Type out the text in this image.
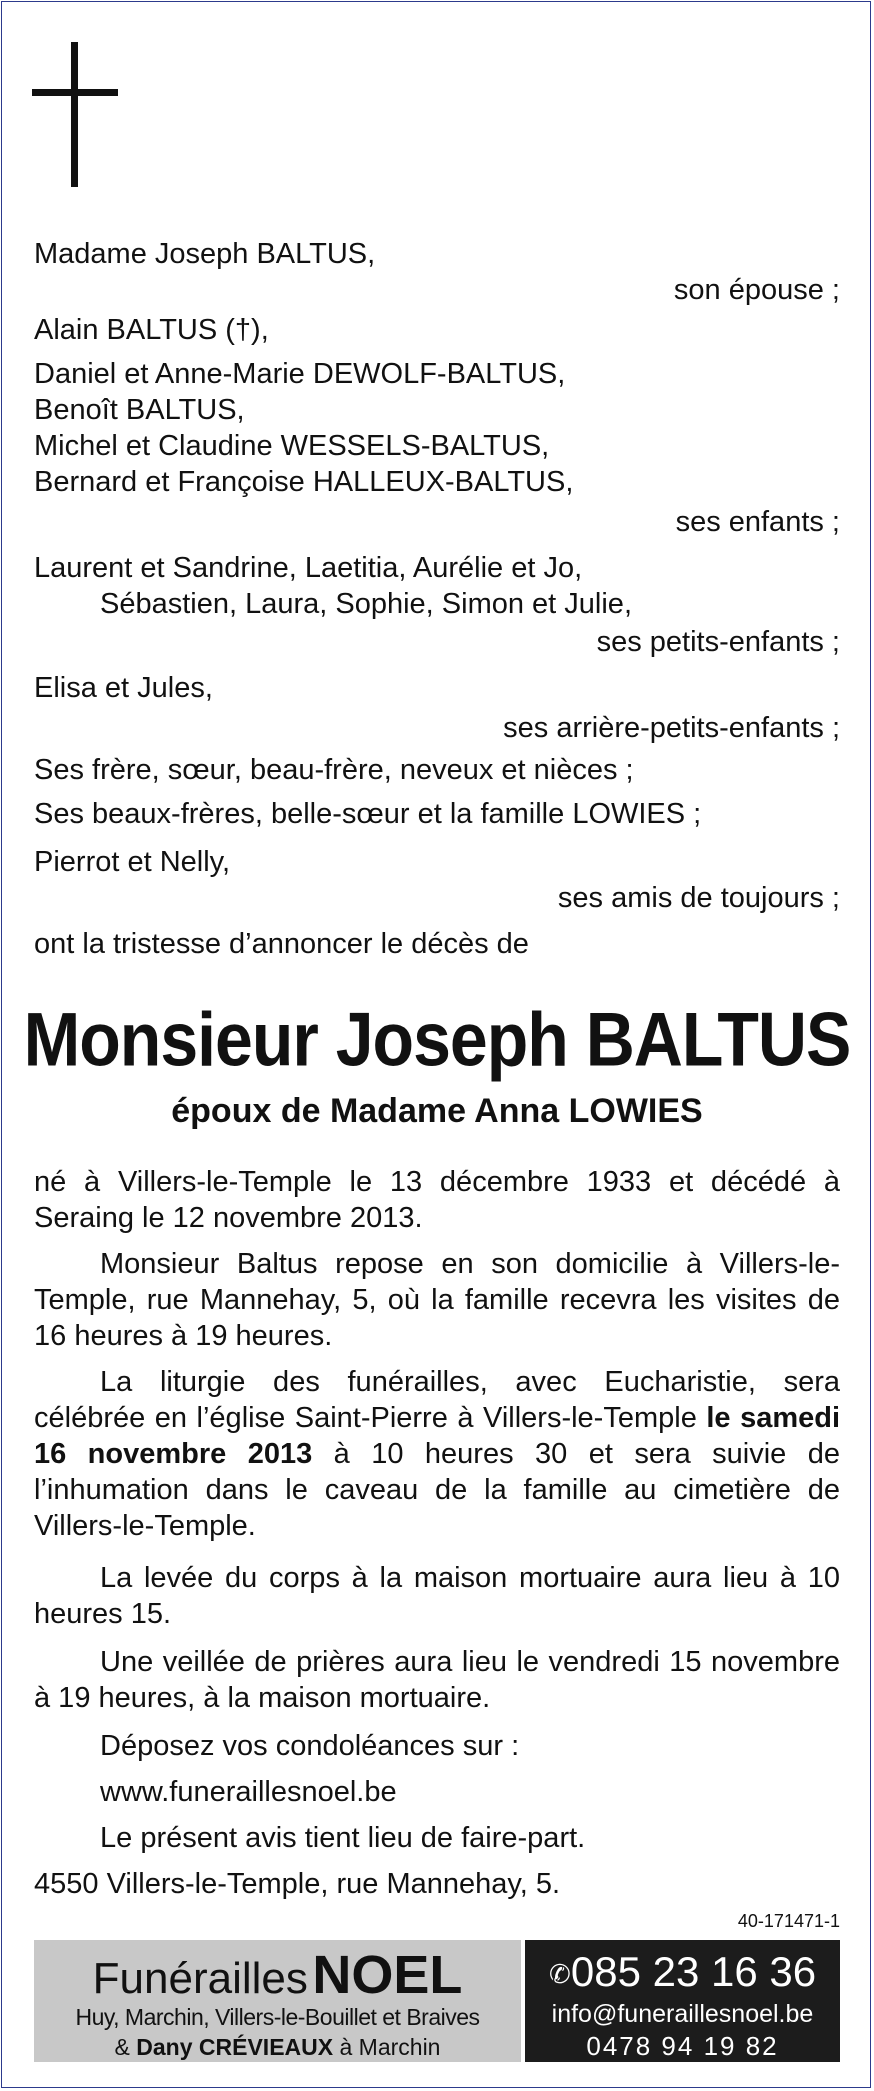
Madame Joseph BALTUS,
son épouse ;
Alain BALTUS (†),
Daniel et Anne-Marie DEWOLF-BALTUS,
Benoît BALTUS,
Michel et Claudine WESSELS-BALTUS,
Bernard et Françoise HALLEUX-BALTUS,
ses enfants ;
Laurent et Sandrine, Laetitia, Aurélie et Jo,
Sébastien, Laura, Sophie, Simon et Julie,
ses petits-enfants ;
Elisa et Jules,
ses arrière-petits-enfants ;
Ses frère, sœur, beau-frère, neveux et nièces ;
Ses beaux-frères, belle-sœur et la famille LOWIES ;
Pierrot et Nelly,
ses amis de toujours ;
ont la tristesse d’annoncer le décès de
Monsieur Joseph BALTUS
époux de Madame Anna LOWIES
né à Villers-le-Temple le 13 décembre 1933 et décédé à Seraing le 12 novembre 2013.
Monsieur Baltus repose en son domicilie à Villers-le-Temple, rue Mannehay, 5, où la famille recevra les visites de 16 heures à 19 heures.
La liturgie des funérailles, avec Eucharistie, sera célébrée en l’église Saint-Pierre à Villers-le-Temple le samedi 16 novembre 2013 à 10 heures 30 et sera suivie de l’inhumation dans le caveau de la famille au cimetière de Villers-le-Temple.
La levée du corps à la maison mortuaire aura lieu à 10 heures 15.
Une veillée de prières aura lieu le vendredi 15 novembre à 19 heures, à la maison mortuaire.
Déposez vos condoléances sur :
www.funeraillesnoel.be
Le présent avis tient lieu de faire-part.
4550 Villers-le-Temple, rue Mannehay, 5.
40-171471-1
Funérailles NOEL
Huy, Marchin, Villers-le-Bouillet et Braives
& Dany CRÉVIEAUX à Marchin
✆085 23 16 36
info@funeraillesnoel.be
0478 94 19 82
